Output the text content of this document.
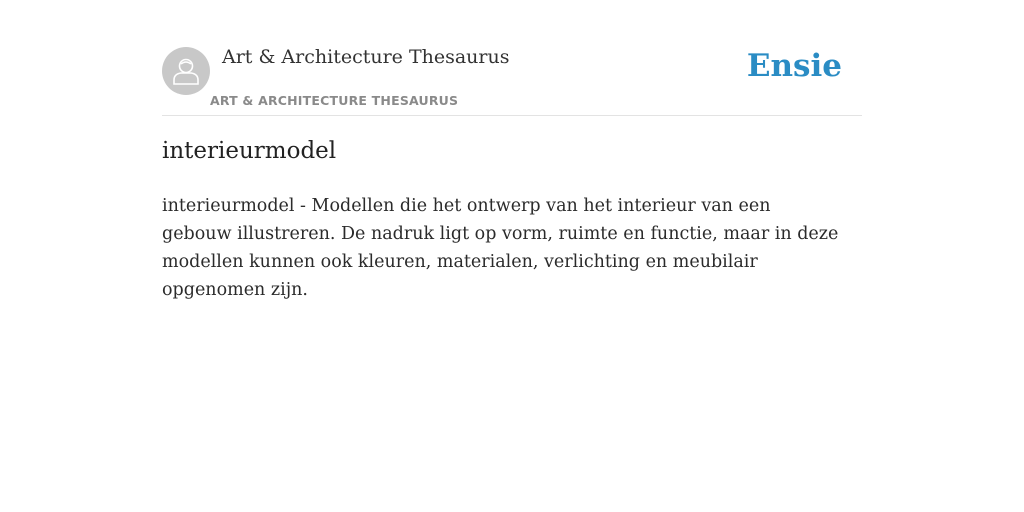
Art & Architecture Thesaurus
ART & ARCHITECTURE THESAURUS
Ensie
interieurmodel

interieurmodel - Modellen die het ontwerp van het interieur van een gebouw illustreren. De nadruk ligt op vorm, ruimte en functie, maar in deze modellen kunnen ook kleuren, materialen, verlichting en meubilair opgenomen zijn.
